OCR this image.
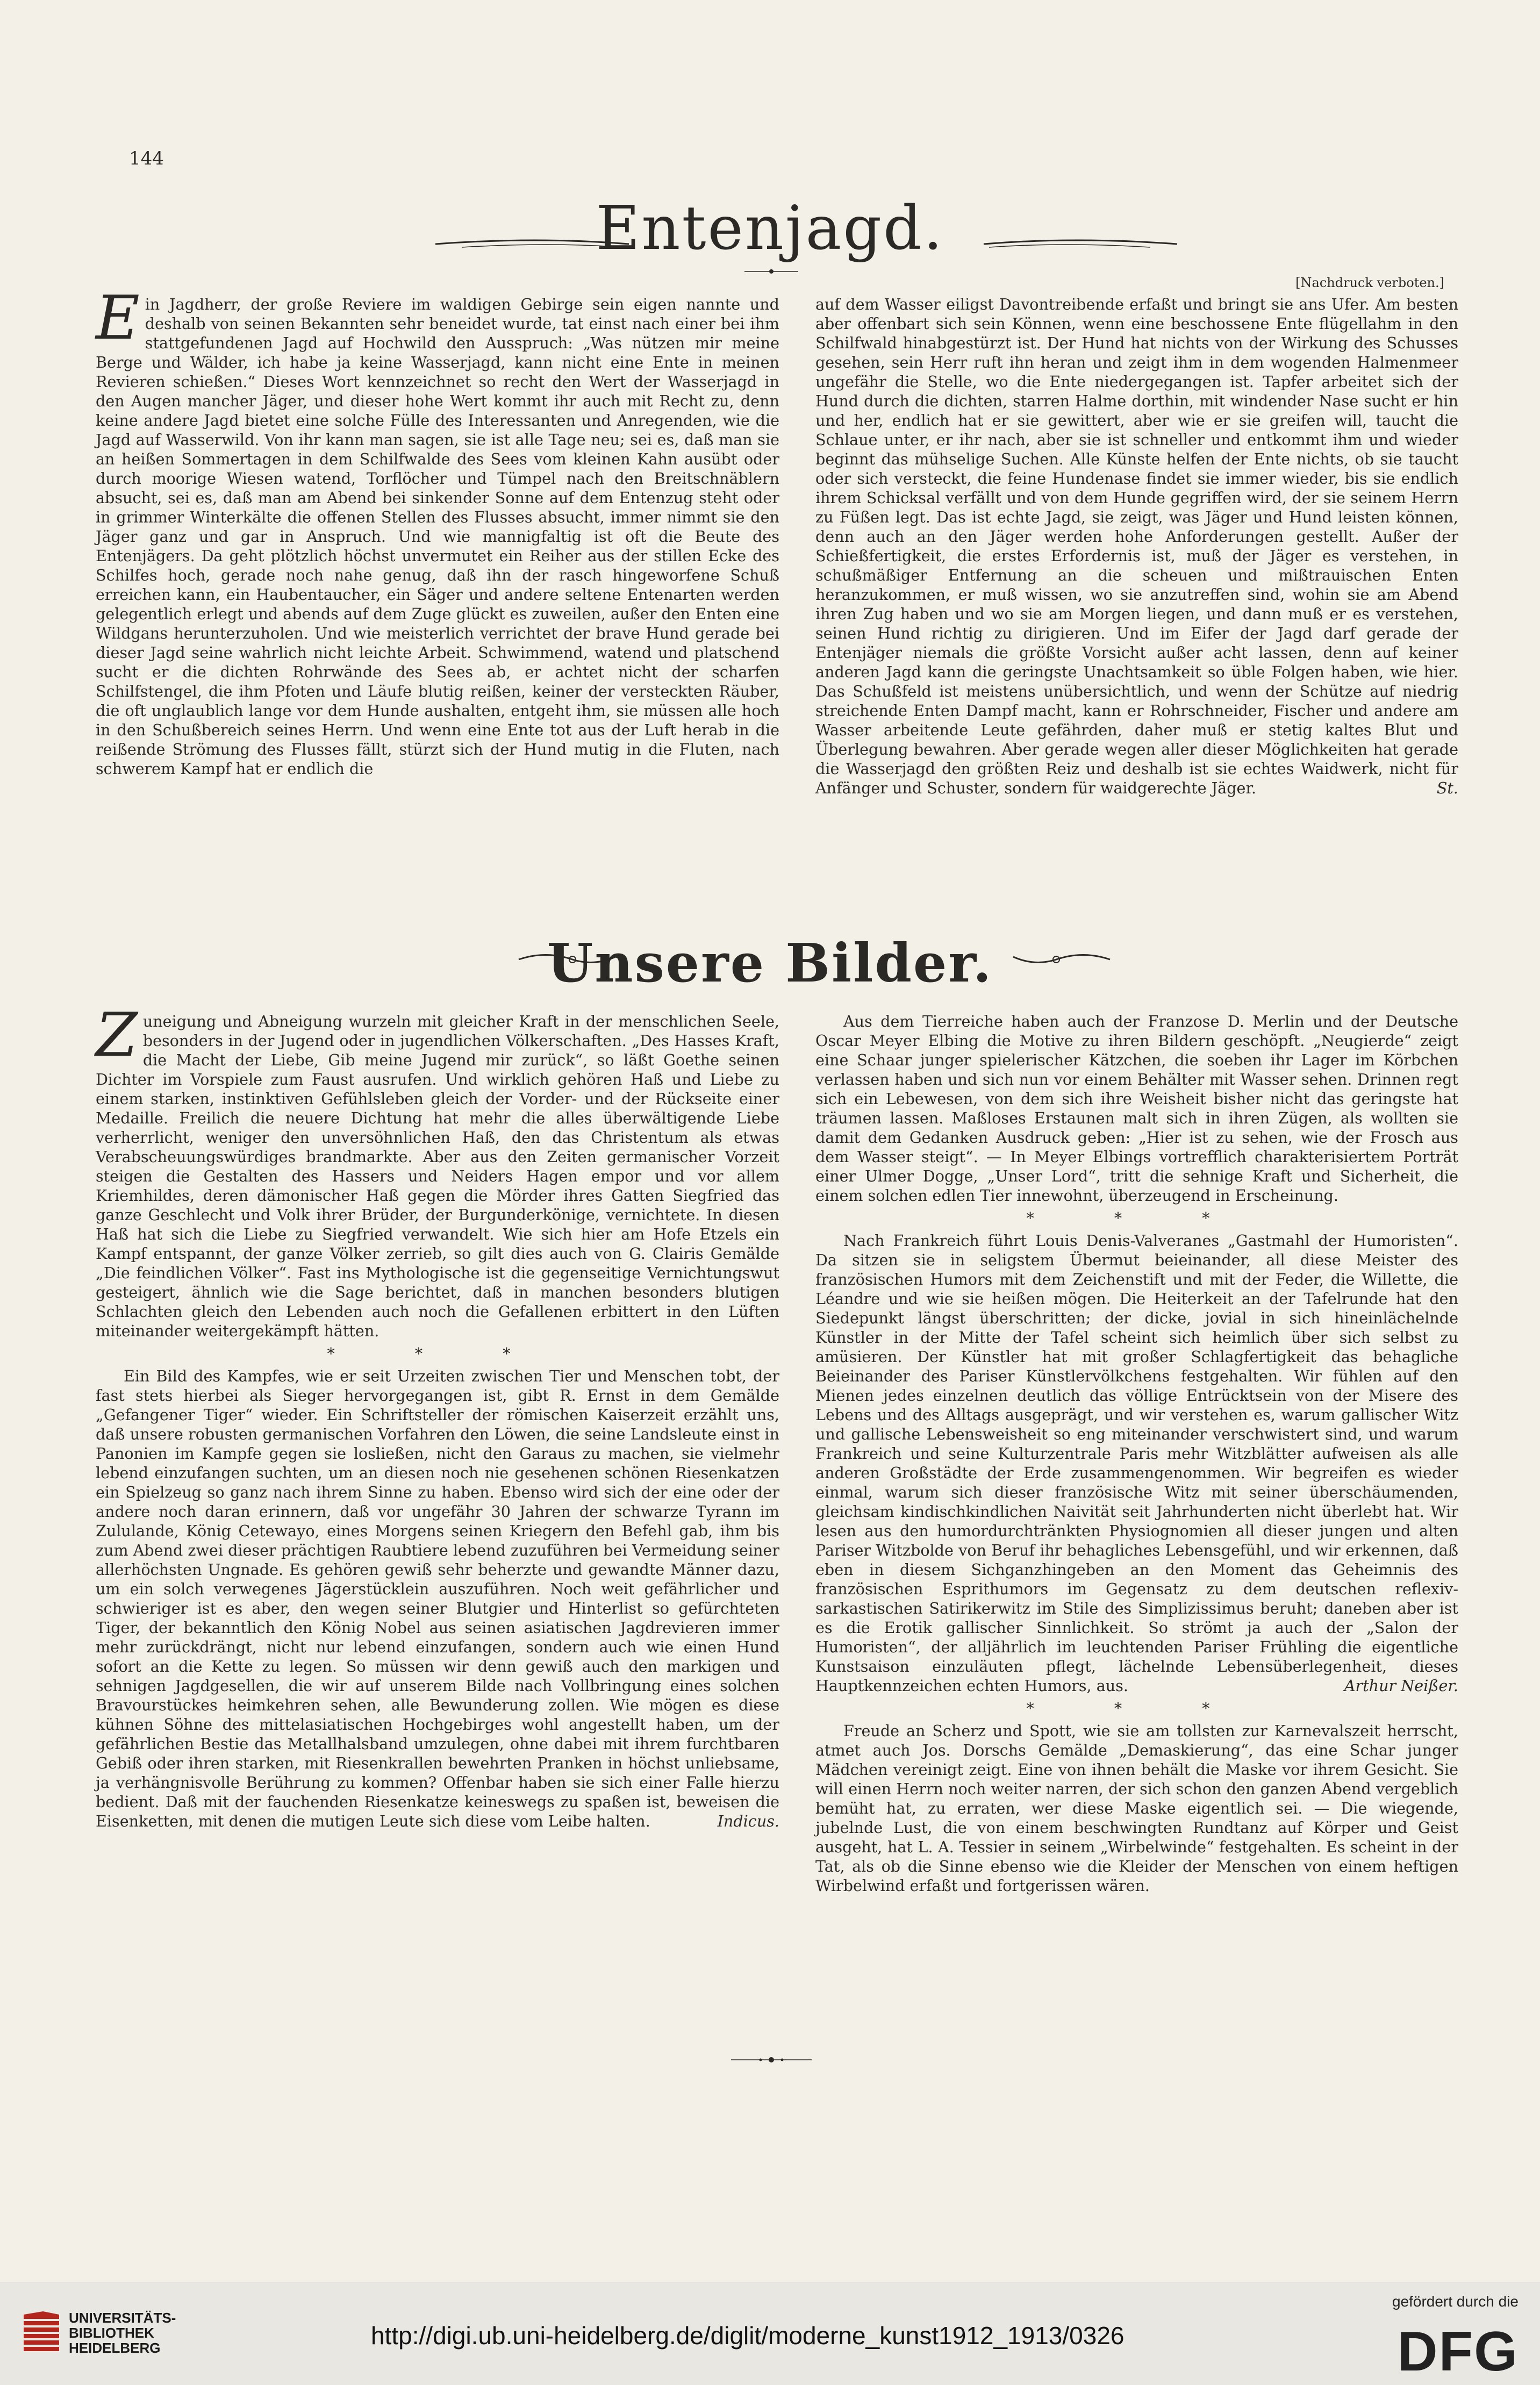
144
Entenjagd.
[Nachdruck verboten.]

Ein Jagdherr, der große Reviere im waldigen Gebirge sein eigen nannte und deshalb von seinen Bekannten sehr beneidet wurde, tat einst nach einer bei ihm stattgefundenen Jagd auf Hochwild den Ausspruch: „Was nützen mir meine Berge und Wälder, ich habe ja keine Wasserjagd, kann nicht eine Ente in meinen Revieren schießen.“ Dieses Wort kennzeichnet so recht den Wert der Wasserjagd in den Augen mancher Jäger, und dieser hohe Wert kommt ihr auch mit Recht zu, denn keine andere Jagd bietet eine solche Fülle des Interessanten und Anregenden, wie die Jagd auf Wasserwild. Von ihr kann man sagen, sie ist alle Tage neu; sei es, daß man sie an heißen Sommertagen in dem Schilfwalde des Sees vom kleinen Kahn ausübt oder durch moorige Wiesen watend, Torflöcher und Tümpel nach den Breitschnäblern absucht, sei es, daß man am Abend bei sinkender Sonne auf dem Entenzug steht oder in grimmer Winterkälte die offenen Stellen des Flusses absucht, immer nimmt sie den Jäger ganz und gar in Anspruch. Und wie mannigfaltig ist oft die Beute des Entenjägers. Da geht plötzlich höchst unvermutet ein Reiher aus der stillen Ecke des Schilfes hoch, gerade noch nahe genug, daß ihn der rasch hingeworfene Schuß erreichen kann, ein Haubentaucher, ein Säger und andere seltene Entenarten werden gelegentlich erlegt und abends auf dem Zuge glückt es zuweilen, außer den Enten eine Wildgans herunterzuholen. Und wie meisterlich verrichtet der brave Hund gerade bei dieser Jagd seine wahrlich nicht leichte Arbeit. Schwimmend, watend und platschend sucht er die dichten Rohrwände des Sees ab, er achtet nicht der scharfen Schilfstengel, die ihm Pfoten und Läufe blutig reißen, keiner der versteckten Räuber, die oft unglaublich lange vor dem Hunde aushalten, entgeht ihm, sie müssen alle hoch in den Schußbereich seines Herrn. Und wenn eine Ente tot aus der Luft herab in die reißende Strömung des Flusses fällt, stürzt sich der Hund mutig in die Fluten, nach schwerem Kampf hat er endlich die

auf dem Wasser eiligst Davontreibende erfaßt und bringt sie ans Ufer. Am besten aber offenbart sich sein Können, wenn eine beschossene Ente flügellahm in den Schilfwald hinabgestürzt ist. Der Hund hat nichts von der Wirkung des Schusses gesehen, sein Herr ruft ihn heran und zeigt ihm in dem wogenden Halmenmeer ungefähr die Stelle, wo die Ente niedergegangen ist. Tapfer arbeitet sich der Hund durch die dichten, starren Halme dorthin, mit windender Nase sucht er hin und her, endlich hat er sie gewittert, aber wie er sie greifen will, taucht die Schlaue unter, er ihr nach, aber sie ist schneller und entkommt ihm und wieder beginnt das mühselige Suchen. Alle Künste helfen der Ente nichts, ob sie taucht oder sich versteckt, die feine Hundenase findet sie immer wieder, bis sie endlich ihrem Schicksal verfällt und von dem Hunde gegriffen wird, der sie seinem Herrn zu Füßen legt. Das ist echte Jagd, sie zeigt, was Jäger und Hund leisten können, denn auch an den Jäger werden hohe Anforderungen gestellt. Außer der Schießfertigkeit, die erstes Erfordernis ist, muß der Jäger es verstehen, in schußmäßiger Entfernung an die scheuen und mißtrauischen Enten heranzukommen, er muß wissen, wo sie anzutreffen sind, wohin sie am Abend ihren Zug haben und wo sie am Morgen liegen, und dann muß er es verstehen, seinen Hund richtig zu dirigieren. Und im Eifer der Jagd darf gerade der Entenjäger niemals die größte Vorsicht außer acht lassen, denn auf keiner anderen Jagd kann die geringste Unachtsamkeit so üble Folgen haben, wie hier. Das Schußfeld ist meistens unübersichtlich, und wenn der Schütze auf niedrig streichende Enten Dampf macht, kann er Rohrschneider, Fischer und andere am Wasser arbeitende Leute gefährden, daher muß er stetig kaltes Blut und Überlegung bewahren. Aber gerade wegen aller dieser Möglichkeiten hat gerade die Wasserjagd den größten Reiz und deshalb ist sie echtes Waidwerk, nicht für Anfänger und Schuster, sondern für waidgerechte Jäger.	St.

Unsere Bilder.

Zuneigung und Abneigung wurzeln mit gleicher Kraft in der menschlichen Seele, besonders in der Jugend oder in jugendlichen Völkerschaften. „Des Hasses Kraft, die Macht der Liebe, Gib meine Jugend mir zurück“, so läßt Goethe seinen Dichter im Vorspiele zum Faust ausrufen. Und wirklich gehören Haß und Liebe zu einem starken, instinktiven Gefühlsleben gleich der Vorder- und der Rückseite einer Medaille. Freilich die neuere Dichtung hat mehr die alles überwältigende Liebe verherrlicht, weniger den unversöhnlichen Haß, den das Christentum als etwas Verabscheuungswürdiges brandmarkte. Aber aus den Zeiten germanischer Vorzeit steigen die Gestalten des Hassers und Neiders Hagen empor und vor allem Kriemhildes, deren dämonischer Haß gegen die Mörder ihres Gatten Siegfried das ganze Geschlecht und Volk ihrer Brüder, der Burgunderkönige, vernichtete. In diesen Haß hat sich die Liebe zu Siegfried verwandelt. Wie sich hier am Hofe Etzels ein Kampf entspannt, der ganze Völker zerrieb, so gilt dies auch von G. Clairis Gemälde „Die feindlichen Völker“. Fast ins Mythologische ist die gegenseitige Vernichtungswut gesteigert, ähnlich wie die Sage berichtet, daß in manchen besonders blutigen Schlachten gleich den Lebenden auch noch die Gefallenen erbittert in den Lüften miteinander weitergekämpft hätten.

* * *

Ein Bild des Kampfes, wie er seit Urzeiten zwischen Tier und Menschen tobt, der fast stets hierbei als Sieger hervorgegangen ist, gibt R. Ernst in dem Gemälde „Gefangener Tiger“ wieder. Ein Schriftsteller der römischen Kaiserzeit erzählt uns, daß unsere robusten germanischen Vorfahren den Löwen, die seine Landsleute einst in Panonien im Kampfe gegen sie losließen, nicht den Garaus zu machen, sie vielmehr lebend einzufangen suchten, um an diesen noch nie gesehenen schönen Riesenkatzen ein Spielzeug so ganz nach ihrem Sinne zu haben. Ebenso wird sich der eine oder der andere noch daran erinnern, daß vor ungefähr 30 Jahren der schwarze Tyrann im Zululande, König Cetewayo, eines Morgens seinen Kriegern den Befehl gab, ihm bis zum Abend zwei dieser prächtigen Raubtiere lebend zuzuführen bei Vermeidung seiner allerhöchsten Ungnade. Es gehören gewiß sehr beherzte und gewandte Männer dazu, um ein solch verwegenes Jägerstücklein auszuführen. Noch weit gefährlicher und schwieriger ist es aber, den wegen seiner Blutgier und Hinterlist so gefürchteten Tiger, der bekanntlich den König Nobel aus seinen asiatischen Jagdrevieren immer mehr zurückdrängt, nicht nur lebend einzufangen, sondern auch wie einen Hund sofort an die Kette zu legen. So müssen wir denn gewiß auch den markigen und sehnigen Jagdgesellen, die wir auf unserem Bilde nach Vollbringung eines solchen Bravourstückes heimkehren sehen, alle Bewunderung zollen. Wie mögen es diese kühnen Söhne des mittelasiatischen Hochgebirges wohl angestellt haben, um der gefährlichen Bestie das Metallhalsband umzulegen, ohne dabei mit ihrem furchtbaren Gebiß oder ihren starken, mit Riesenkrallen bewehrten Pranken in höchst unliebsame, ja verhängnisvolle Berührung zu kommen? Offenbar haben sie sich einer Falle hierzu bedient. Daß mit der fauchenden Riesenkatze keineswegs zu spaßen ist, beweisen die Eisenketten, mit denen die mutigen Leute sich diese vom Leibe halten.	Indicus.

Aus dem Tierreiche haben auch der Franzose D. Merlin und der Deutsche Oscar Meyer Elbing die Motive zu ihren Bildern geschöpft. „Neugierde“ zeigt eine Schaar junger spielerischer Kätzchen, die soeben ihr Lager im Körbchen verlassen haben und sich nun vor einem Behälter mit Wasser sehen. Drinnen regt sich ein Lebewesen, von dem sich ihre Weisheit bisher nicht das geringste hat träumen lassen. Maßloses Erstaunen malt sich in ihren Zügen, als wollten sie damit dem Gedanken Ausdruck geben: „Hier ist zu sehen, wie der Frosch aus dem Wasser steigt“. — In Meyer Elbings vortrefflich charakterisiertem Porträt einer Ulmer Dogge, „Unser Lord“, tritt die sehnige Kraft und Sicherheit, die einem solchen edlen Tier innewohnt, überzeugend in Erscheinung.

* * *

Nach Frankreich führt Louis Denis-Valveranes „Gastmahl der Humoristen“. Da sitzen sie in seligstem Übermut beieinander, all diese Meister des französischen Humors mit dem Zeichenstift und mit der Feder, die Willette, die Léandre und wie sie heißen mögen. Die Heiterkeit an der Tafelrunde hat den Siedepunkt längst überschritten; der dicke, jovial in sich hineinlächelnde Künstler in der Mitte der Tafel scheint sich heimlich über sich selbst zu amüsieren. Der Künstler hat mit großer Schlagfertigkeit das behagliche Beieinander des Pariser Künstlervölkchens festgehalten. Wir fühlen auf den Mienen jedes einzelnen deutlich das völlige Entrücktsein von der Misere des Lebens und des Alltags ausgeprägt, und wir verstehen es, warum gallischer Witz und gallische Lebensweisheit so eng miteinander verschwistert sind, und warum Frankreich und seine Kulturzentrale Paris mehr Witzblätter aufweisen als alle anderen Großstädte der Erde zusammengenommen. Wir begreifen es wieder einmal, warum sich dieser französische Witz mit seiner überschäumenden, gleichsam kindischkindlichen Naivität seit Jahrhunderten nicht überlebt hat. Wir lesen aus den humordurchtränkten Physiognomien all dieser jungen und alten Pariser Witzbolde von Beruf ihr behagliches Lebensgefühl, und wir erkennen, daß eben in diesem Sichganzhingeben an den Moment das Geheimnis des französischen Esprithumors im Gegensatz zu dem deutschen reflexiv-sarkastischen Satirikerwitz im Stile des Simplizissimus beruht; daneben aber ist es die Erotik gallischer Sinnlichkeit. So strömt ja auch der „Salon der Humoristen“, der alljährlich im leuchtenden Pariser Frühling die eigentliche Kunstsaison einzuläuten pflegt, lächelnde Lebensüberlegenheit, dieses Hauptkennzeichen echten Humors, aus.	Arthur Neißer.

* * *

Freude an Scherz und Spott, wie sie am tollsten zur Karnevalszeit herrscht, atmet auch Jos. Dorschs Gemälde „Demaskierung“, das eine Schar junger Mädchen vereinigt zeigt. Eine von ihnen behält die Maske vor ihrem Gesicht. Sie will einen Herrn noch weiter narren, der sich schon den ganzen Abend vergeblich bemüht hat, zu erraten, wer diese Maske eigentlich sei. — Die wiegende, jubelnde Lust, die von einem beschwingten Rundtanz auf Körper und Geist ausgeht, hat L. A. Tessier in seinem „Wirbelwinde“ festgehalten. Es scheint in der Tat, als ob die Sinne ebenso wie die Kleider der Menschen von einem heftigen Wirbelwind erfaßt und fortgerissen wären.

UNIVERSITÄTS-
BIBLIOTHEK
HEIDELBERG	http://digi.ub.uni-heidelberg.de/diglit/moderne_kunst1912_1913/0326
gefördert durch die
DFG
